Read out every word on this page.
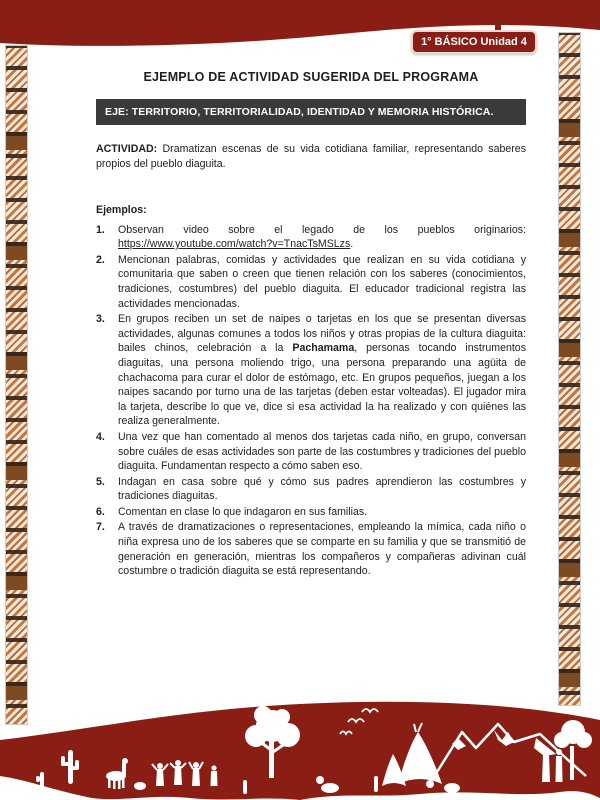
1° BÁSICO Unidad 4
EJEMPLO DE ACTIVIDAD SUGERIDA DEL PROGRAMA
EJE: TERRITORIO, TERRITORIALIDAD, IDENTIDAD Y MEMORIA HISTÓRICA.

ACTIVIDAD: Dramatizan escenas de su vida cotidiana familiar, representando saberes propios del pueblo diaguita.

Ejemplos:
1.	Observan video sobre el legado de los pueblos originarios: https://www.youtube.com/watch?v=TnacTsMSLzs.
2.	Mencionan palabras, comidas y actividades que realizan en su vida cotidiana y comunitaria que saben o creen que tienen relación con los saberes (conocimientos, tradiciones, costumbres) del pueblo diaguita. El educador tradicional registra las actividades mencionadas.
3.	En grupos reciben un set de naipes o tarjetas en los que se presentan diversas actividades, algunas comunes a todos los niños y otras propias de la cultura diaguita: bailes chinos, celebración a la Pachamama, personas tocando instrumentos diaguitas, una persona moliendo trigo, una persona preparando una agüita de chachacoma para curar el dolor de estómago, etc. En grupos pequeños, juegan a los naipes sacando por turno una de las tarjetas (deben estar volteadas). El jugador mira la tarjeta, describe lo que ve, dice si esa actividad la ha realizado y con quiénes las realiza generalmente.
4.	Una vez que han comentado al menos dos tarjetas cada niño, en grupo, conversan sobre cuáles de esas actividades son parte de las costumbres y tradiciones del pueblo diaguita. Fundamentan respecto a cómo saben eso.
5.	Indagan en casa sobre qué y cómo sus padres aprendieron las costumbres y tradiciones diaguitas.
6.	Comentan en clase lo que indagaron en sus familias.
7.	A través de dramatizaciones o representaciones, empleando la mímica, cada niño o niña expresa uno de los saberes que se comparte en su familia y que se transmitió de generación en generación, mientras los compañeros y compañeras adivinan cuál costumbre o tradición diaguita se está representando.
